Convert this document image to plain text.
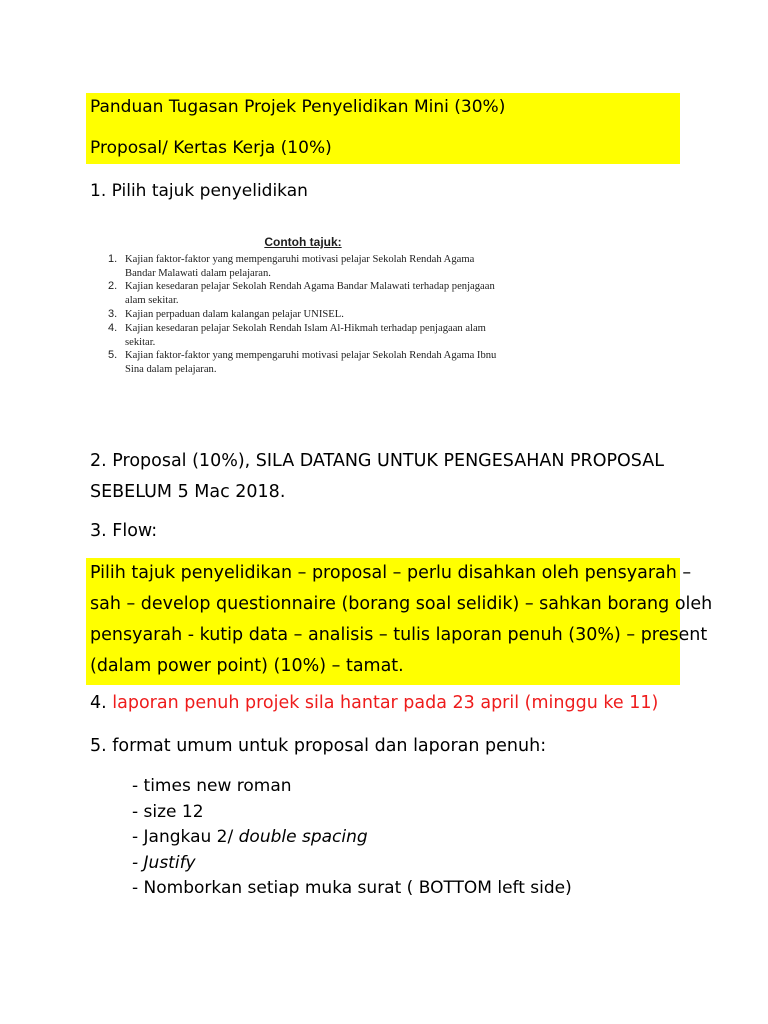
Panduan Tugasan Projek Penyelidikan Mini (30%)
Proposal/ Kertas Kerja (10%)
1. Pilih tajuk penyelidikan
Contoh tajuk:
1. Kajian faktor-faktor yang mempengaruhi motivasi pelajar Sekolah Rendah Agama
Bandar Malawati dalam pelajaran.
2. Kajian kesedaran pelajar Sekolah Rendah Agama Bandar Malawati terhadap penjagaan
alam sekitar.
3. Kajian perpaduan dalam kalangan pelajar UNISEL.
4. Kajian kesedaran pelajar Sekolah Rendah Islam Al-Hikmah terhadap penjagaan alam
sekitar.
5. Kajian faktor-faktor yang mempengaruhi motivasi pelajar Sekolah Rendah Agama Ibnu
Sina dalam pelajaran.
2. Proposal (10%), SILA DATANG UNTUK PENGESAHAN PROPOSAL
SEBELUM 5 Mac 2018.
3. Flow:
Pilih tajuk penyelidikan – proposal – perlu disahkan oleh pensyarah –
sah – develop questionnaire (borang soal selidik) – sahkan borang oleh
pensyarah - kutip data – analisis – tulis laporan penuh (30%) – present
(dalam power point) (10%) – tamat.
4. laporan penuh projek sila hantar pada 23 april (minggu ke 11)
5. format umum untuk proposal dan laporan penuh:
- times new roman
- size 12
- Jangkau 2/ double spacing
- Justify
- Nomborkan setiap muka surat ( BOTTOM left side)
